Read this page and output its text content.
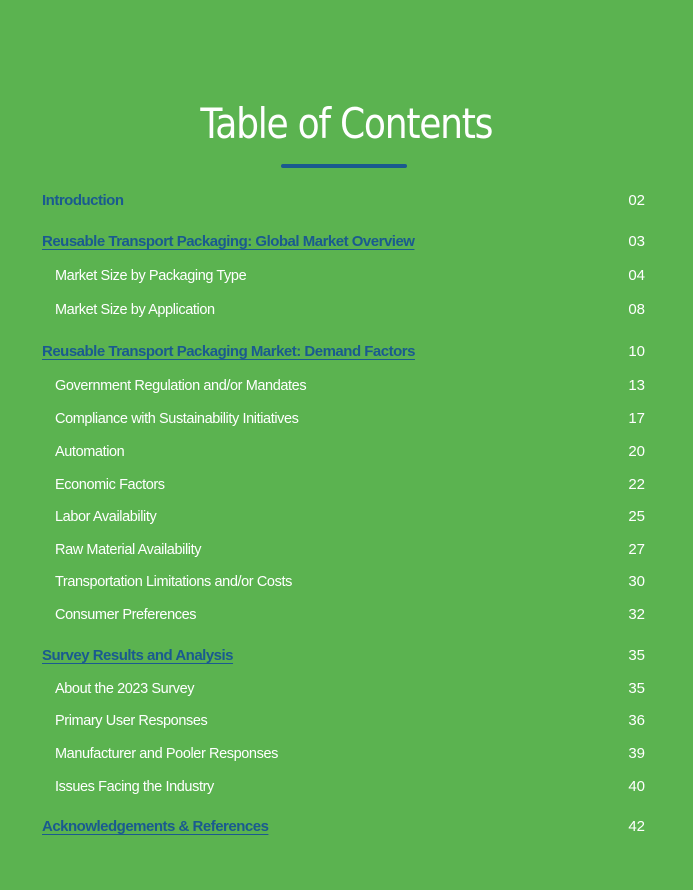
Table of Contents
Introduction	02
Reusable Transport Packaging: Global Market Overview	03
Market Size by Packaging Type	04
Market Size by Application	08
Reusable Transport Packaging Market: Demand Factors	10
Government Regulation and/or Mandates	13
Compliance with Sustainability Initiatives	17
Automation	20
Economic Factors	22
Labor Availability	25
Raw Material Availability	27
Transportation Limitations and/or Costs	30
Consumer Preferences	32
Survey Results and Analysis	35
About the 2023 Survey	35
Primary User Responses	36
Manufacturer and Pooler Responses	39
Issues Facing the Industry	40
Acknowledgements & References	42
